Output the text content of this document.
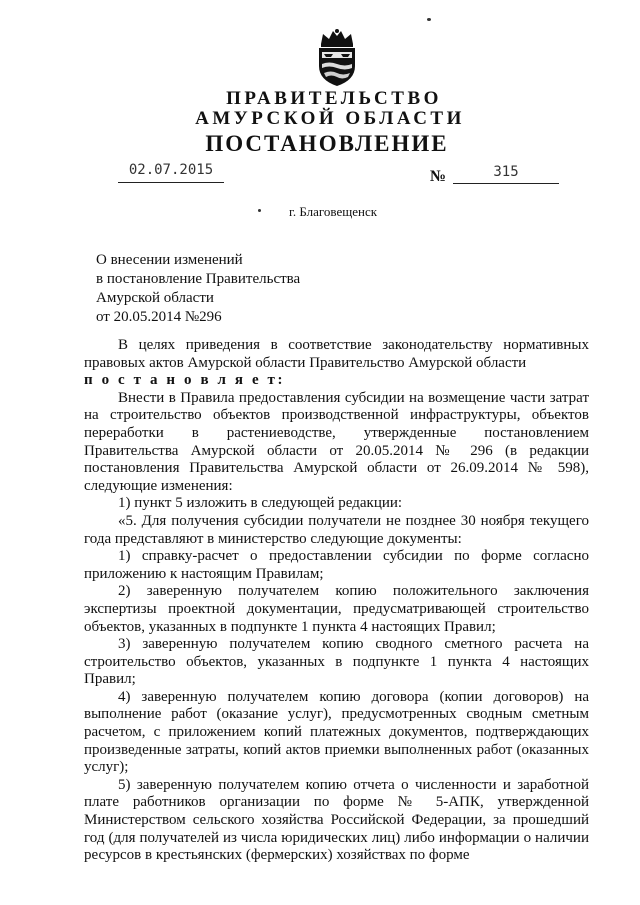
ПРАВИТЕЛЬСТВО
АМУРСКОЙ ОБЛАСТИ
ПОСТАНОВЛЕНИЕ
02.07.2015	№	315
г. Благовещенск
О внесении изменений
в постановление Правительства
Амурской области
от 20.05.2014 №296
В целях приведения в соответствие законодательству нормативных правовых актов Амурской области Правительство Амурской области
п о с т а н о в л я е т:
Внести в Правила предоставления субсидии на возмещение части затрат на строительство объектов производственной инфраструктуры, объектов переработки в растениеводстве, утвержденные постановлением Правительства Амурской области от 20.05.2014 № 296 (в редакции постановления Правительства Амурской области от 26.09.2014 № 598), следующие изменения:
1) пункт 5 изложить в следующей редакции:
«5. Для получения субсидии получатели не позднее 30 ноября текущего года представляют в министерство следующие документы:
1) справку-расчет о предоставлении субсидии по форме согласно приложению к настоящим Правилам;
2) заверенную получателем копию положительного заключения экспертизы проектной документации, предусматривающей строительство объектов, указанных в подпункте 1 пункта 4 настоящих Правил;
3) заверенную получателем копию сводного сметного расчета на строительство объектов, указанных в подпункте 1 пункта 4 настоящих Правил;
4) заверенную получателем копию договора (копии договоров) на выполнение работ (оказание услуг), предусмотренных сводным сметным расчетом, с приложением копий платежных документов, подтверждающих произведенные затраты, копий актов приемки выполненных работ (оказанных услуг);
5) заверенную получателем копию отчета о численности и заработной плате работников организации по форме № 5-АПК, утвержденной Министерством сельского хозяйства Российской Федерации, за прошедший год (для получателей из числа юридических лиц) либо информации о наличии ресурсов в крестьянских (фермерских) хозяйствах по форме
